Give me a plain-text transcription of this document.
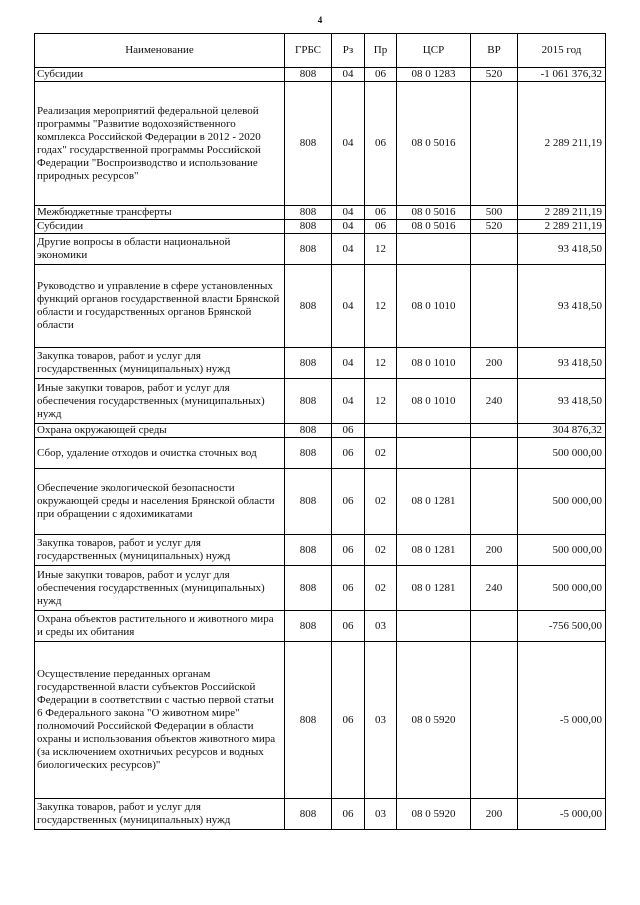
4
Наименование	ГРБС	Рз	Пр	ЦСР	ВР	2015 год
Субсидии	808	04	06	08 0 1283	520	-1 061 376,32
Реализация мероприятий федеральной целевой программы "Развитие водохозяйственного комплекса Российской Федерации в 2012 - 2020 годах" государственной программы Российской Федерации "Воспроизводство и использование природных ресурсов"	808	04	06	08 0 5016		2 289 211,19
Межбюджетные трансферты	808	04	06	08 0 5016	500	2 289 211,19
Субсидии	808	04	06	08 0 5016	520	2 289 211,19
Другие вопросы в области национальной экономики	808	04	12			93 418,50
Руководство и управление в сфере установленных функций органов государственной власти Брянской области и государственных органов Брянской области	808	04	12	08 0 1010		93 418,50
Закупка товаров, работ и услуг для государственных (муниципальных) нужд	808	04	12	08 0 1010	200	93 418,50
Иные закупки товаров, работ и услуг для обеспечения государственных (муниципальных) нужд	808	04	12	08 0 1010	240	93 418,50
Охрана окружающей среды	808	06				304 876,32
Сбор, удаление отходов и очистка сточных вод	808	06	02			500 000,00
Обеспечение экологической безопасности окружающей среды и населения Брянской области при обращении с ядохимикатами	808	06	02	08 0 1281		500 000,00
Закупка товаров, работ и услуг для государственных (муниципальных) нужд	808	06	02	08 0 1281	200	500 000,00
Иные закупки товаров, работ и услуг для обеспечения государственных (муниципальных) нужд	808	06	02	08 0 1281	240	500 000,00
Охрана объектов растительного и животного мира и среды их обитания	808	06	03			-756 500,00
Осуществление переданных органам государственной власти субъектов Российской Федерации в соответствии с частью первой статьи 6 Федерального закона "О животном мире" полномочий Российской Федерации в области охраны и использования объектов животного мира (за исключением охотничьих ресурсов и водных биологических ресурсов)"	808	06	03	08 0 5920		-5 000,00
Закупка товаров, работ и услуг для государственных (муниципальных) нужд	808	06	03	08 0 5920	200	-5 000,00
